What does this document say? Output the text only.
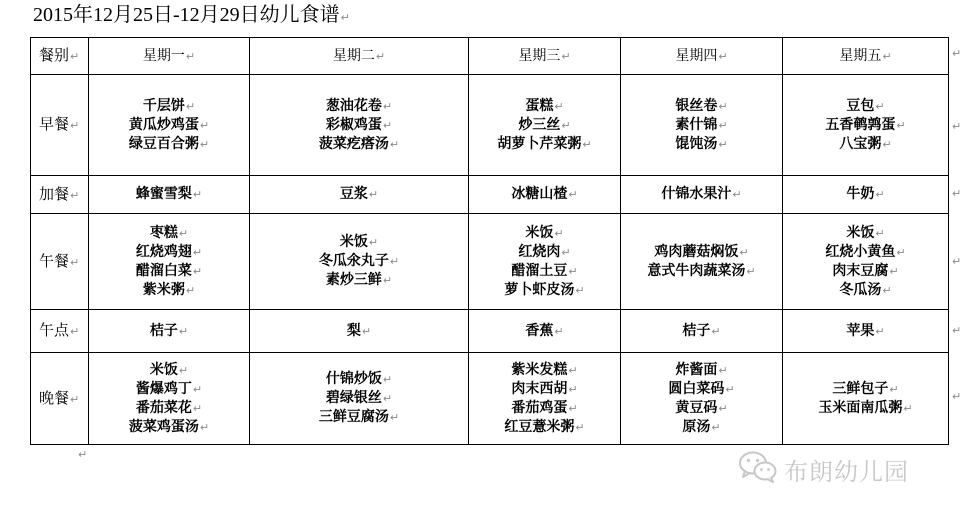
2015年12月25日-12月29日幼儿食谱↵
餐别↵	星期一↵	星期二↵	星期三↵	星期四↵	星期五↵
早餐↵	千层饼↵
黄瓜炒鸡蛋↵
绿豆百合粥↵	葱油花卷↵
彩椒鸡蛋↵
菠菜疙瘩汤↵	蛋糕↵
炒三丝↵
胡萝卜芹菜粥↵	银丝卷↵
素什锦↵
馄饨汤↵	豆包↵
五香鹌鹑蛋↵
八宝粥↵

加餐↵	蜂蜜雪梨↵	豆浆↵	冰糖山楂↵	什锦水果汁↵	牛奶↵

午餐↵	枣糕↵
红烧鸡翅↵
醋溜白菜↵
紫米粥↵	米饭↵
冬瓜氽丸子↵
素炒三鲜↵	米饭↵
红烧肉↵
醋溜土豆↵
萝卜虾皮汤↵	鸡肉蘑菇焖饭↵
意式牛肉蔬菜汤↵	米饭↵
红烧小黄鱼↵
肉末豆腐↵
冬瓜汤↵

午点↵	桔子↵	梨↵	香蕉↵	桔子↵	苹果↵

晚餐↵	米饭↵
酱爆鸡丁↵
番茄菜花↵
菠菜鸡蛋汤↵	什锦炒饭↵
碧绿银丝↵
三鲜豆腐汤↵	紫米发糕↵
肉末西胡↵
番茄鸡蛋↵
红豆薏米粥↵	炸酱面↵
圆白菜码↵
黄豆码↵
原汤↵	三鲜包子↵
玉米面南瓜粥↵
↵
↵
↵
↵
↵
↵
↵
布朗幼儿园
